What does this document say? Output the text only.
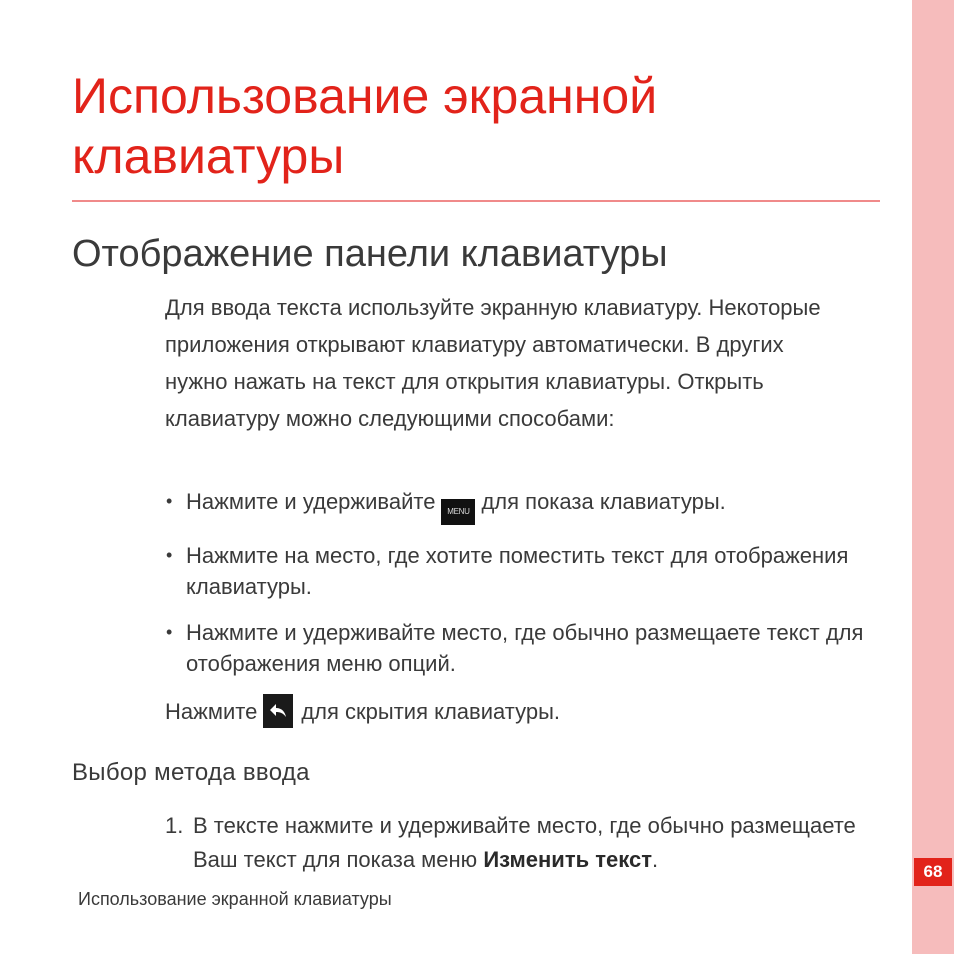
68
Использование экранной
клавиатуры
Отображение панели клавиатуры

Для ввода текста используйте экранную клавиатуру. Некоторые приложения открывают клавиатуру автоматически. В других нужно нажать на текст для открытия клавиатуры. Открыть клавиатуру можно следующими способами:

• Нажмите и удерживайте MENU для показа клавиатуры.
• Нажмите на место, где хотите поместить текст для отображения клавиатуры.
• Нажмите и удерживайте место, где обычно размещаете текст для отображения меню опций.

Нажмите для скрытия клавиатуры.

Выбор метода ввода

1. В тексте нажмите и удерживайте место, где обычно размещаете Ваш текст для показа меню Изменить текст.

Использование экранной клавиатуры
